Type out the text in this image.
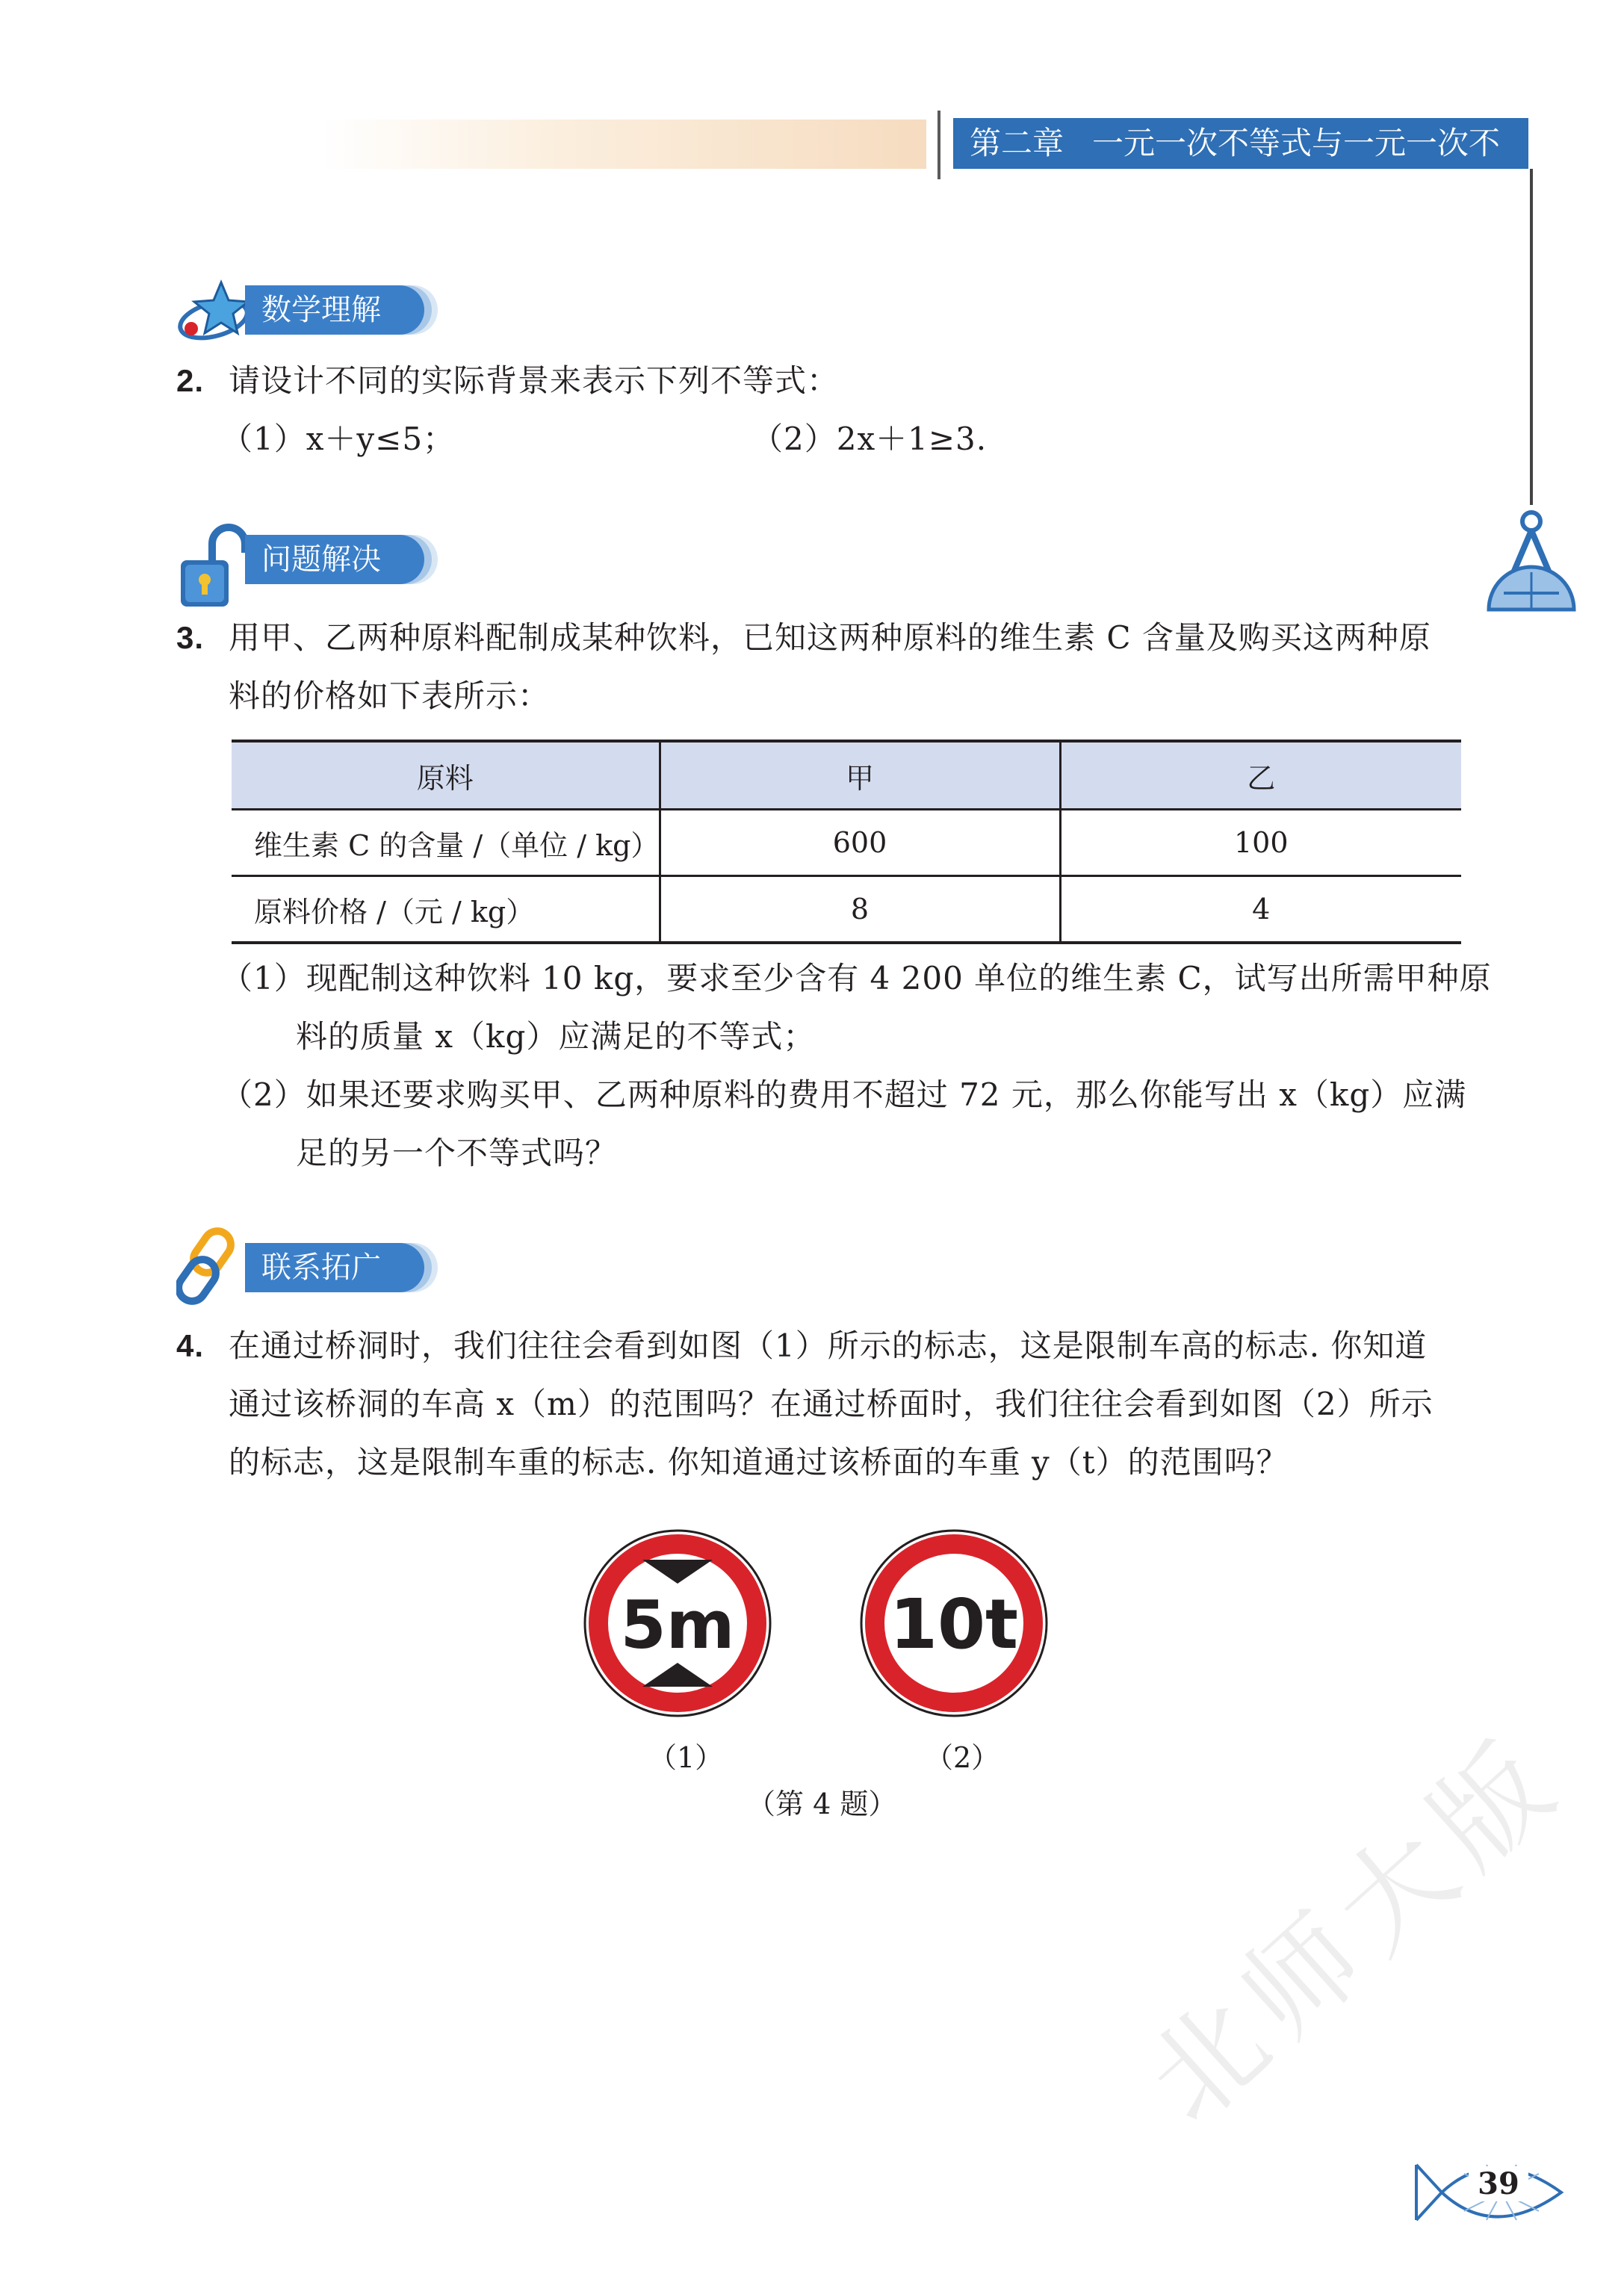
第二章 一元一次不等式与一元一次不等式组
数学理解
2. 请设计不同的实际背景来表示下列不等式：
（1）x＋y≤5；	（2）2x＋1≥3.
问题解决
3. 用甲、乙两种原料配制成某种饮料，已知这两种原料的维生素 C 含量及购买这两种原
料的价格如下表所示：
原料	甲	乙
维生素 C 的含量 /（单位 / kg）	600	100
原料价格 /（元 / kg）	8	4
（1）现配制这种饮料 10 kg，要求至少含有 4 200 单位的维生素 C，试写出所需甲种原
料的质量 x（kg）应满足的不等式；
（2）如果还要求购买甲、乙两种原料的费用不超过 72 元，那么你能写出 x（kg）应满
足的另一个不等式吗？
联系拓广
4. 在通过桥洞时，我们往往会看到如图（1）所示的标志，这是限制车高的标志. 你知道
通过该桥洞的车高 x（m）的范围吗？在通过桥面时，我们往往会看到如图（2）所示
的标志，这是限制车重的标志. 你知道通过该桥面的车重 y（t）的范围吗？
5m 10t
（1）	（2）
（第 4 题） 北师大版
39
